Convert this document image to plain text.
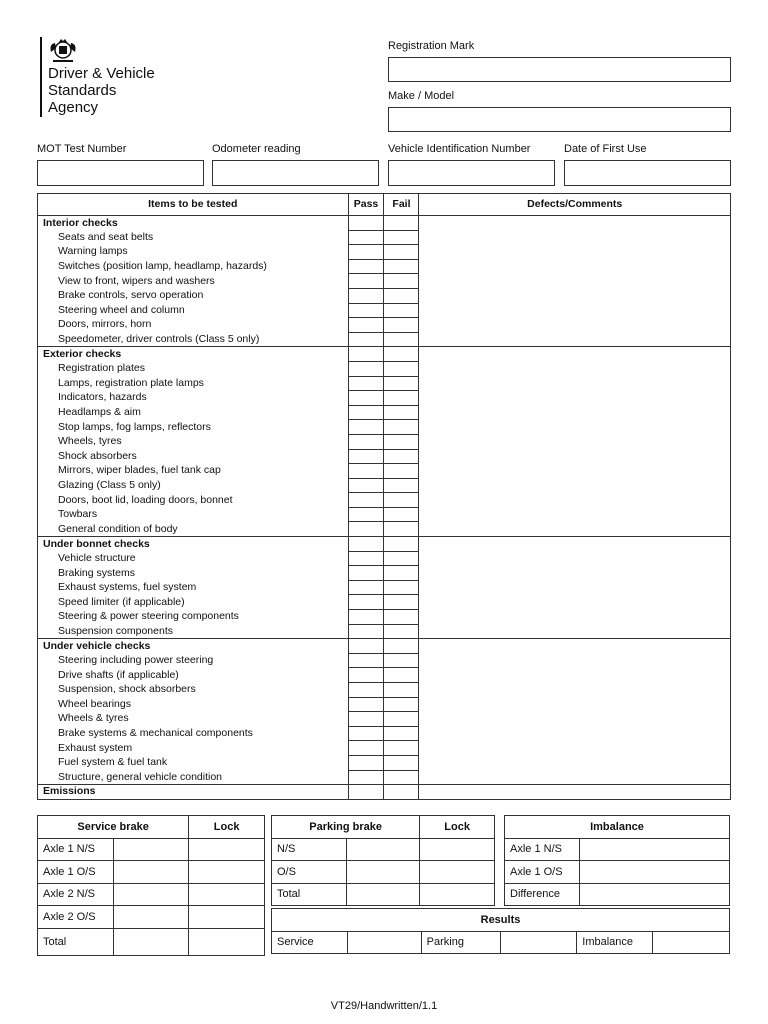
Driver & Vehicle
Standards
Agency
Registration Mark
Make / Model
MOT Test Number	Odometer reading	Vehicle Identification Number	Date of First Use
Items to be tested	Pass	Fail	Defects/Comments
Interior checks			
Seats and seat belts			
Warning lamps			
Switches (position lamp, headlamp, hazards)			
View to front, wipers and washers			
Brake controls, servo operation			
Steering wheel and column			
Doors, mirrors, horn			
Speedometer, driver controls (Class 5 only)			
Exterior checks			
Registration plates			
Lamps, registration plate lamps			
Indicators, hazards			
Headlamps & aim			
Stop lamps, fog lamps, reflectors			
Wheels, tyres			
Shock absorbers			
Mirrors, wiper blades, fuel tank cap			
Glazing (Class 5 only)			
Doors, boot lid, loading doors, bonnet			
Towbars			
General condition of body			
Under bonnet checks			
Vehicle structure			
Braking systems			
Exhaust systems, fuel system			
Speed limiter (if applicable)			
Steering & power steering components			
Suspension components			
Under vehicle checks			
Steering including power steering			
Drive shafts (if applicable)			
Suspension, shock absorbers			
Wheel bearings			
Wheels & tyres			
Brake systems & mechanical components			
Exhaust system			
Fuel system & fuel tank			
Structure, general vehicle condition			
Emissions			
Service brake		Lock
Axle 1 N/S		
Axle 1 O/S		
Axle 2 N/S		
Axle 2 O/S		
Total		
Parking brake		Lock
N/S		
O/S		
Total		
Imbalance	
Axle 1 N/S	
Axle 1 O/S	
Difference	
Results
Service		Parking		Imbalance	
VT29/Handwritten/1.1
